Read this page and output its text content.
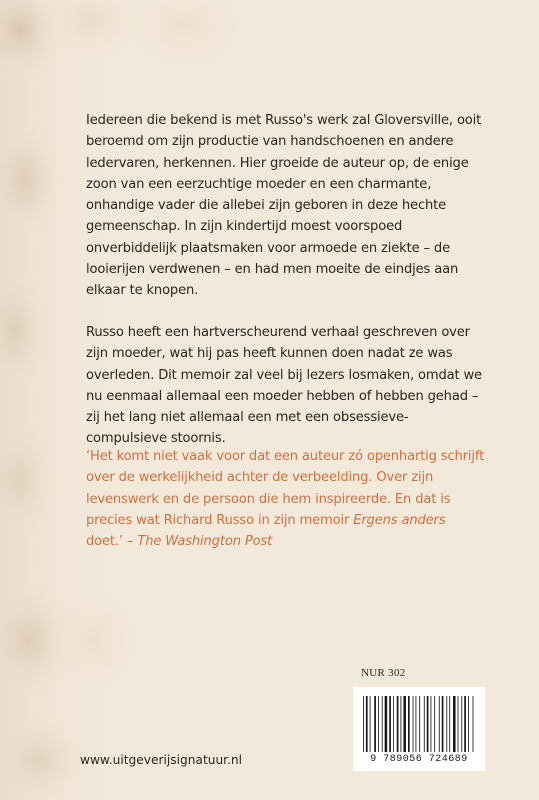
Iedereen die bekend is met Russo's werk zal Gloversville, ooit beroemd om zijn productie van handschoenen en andere ledervaren, herkennen. Hier groeide de auteur op, de enige zoon van een eerzuchtige moeder en een charmante, onhandige vader die allebei zijn geboren in deze hechte gemeenschap. In zijn kindertijd moest voorspoed onverbiddelijk plaatsmaken voor armoede en ziekte – de looierijen verdwenen – en had men moeite de eindjes aan elkaar te knopen.

Russo heeft een hartverscheurend verhaal geschreven over zijn moeder, wat hij pas heeft kunnen doen nadat ze was overleden. Dit memoir zal veel bij lezers losmaken, omdat we nu eenmaal allemaal een moeder hebben of hebben gehad – zij het lang niet allemaal een met een obsessieve-compulsieve stoornis.

‘Het komt niet vaak voor dat een auteur zó openhartig schrijft over de werkelijkheid achter de verbeelding. Over zijn levenswerk en de persoon die hem inspireerde. En dat is precies wat Richard Russo in zijn memoir Ergens anders doet.’ – The Washington Post

NUR 302
9 789056 724689
www.uitgeverijsignatuur.nl
